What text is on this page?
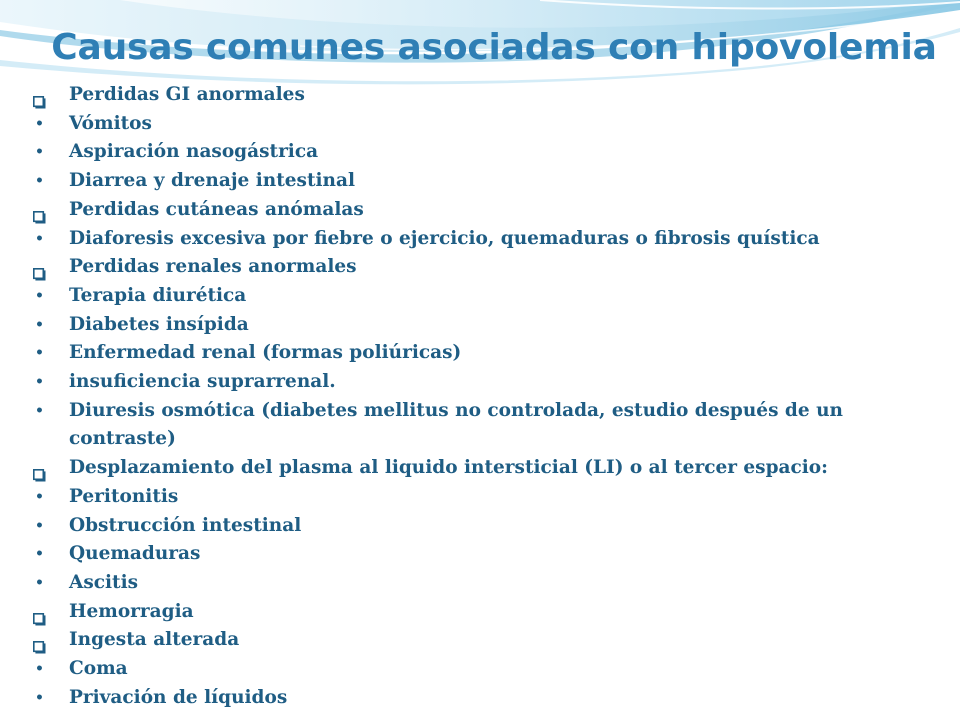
Causas comunes asociadas con hipovolemia
Perdidas GI anormales
• Vómitos
• Aspiración nasogástrica
• Diarrea y drenaje intestinal
Perdidas cutáneas anómalas
• Diaforesis excesiva por fiebre o ejercicio, quemaduras o fibrosis quística
Perdidas renales anormales
• Terapia diurética
• Diabetes insípida
• Enfermedad renal (formas poliúricas)
• insuficiencia suprarrenal.
• Diuresis osmótica (diabetes mellitus no controlada, estudio después de un contraste)
Desplazamiento del plasma al liquido intersticial (LI) o al tercer espacio:
• Peritonitis
• Obstrucción intestinal
• Quemaduras
• Ascitis
Hemorragia
Ingesta alterada
• Coma
• Privación de líquidos
